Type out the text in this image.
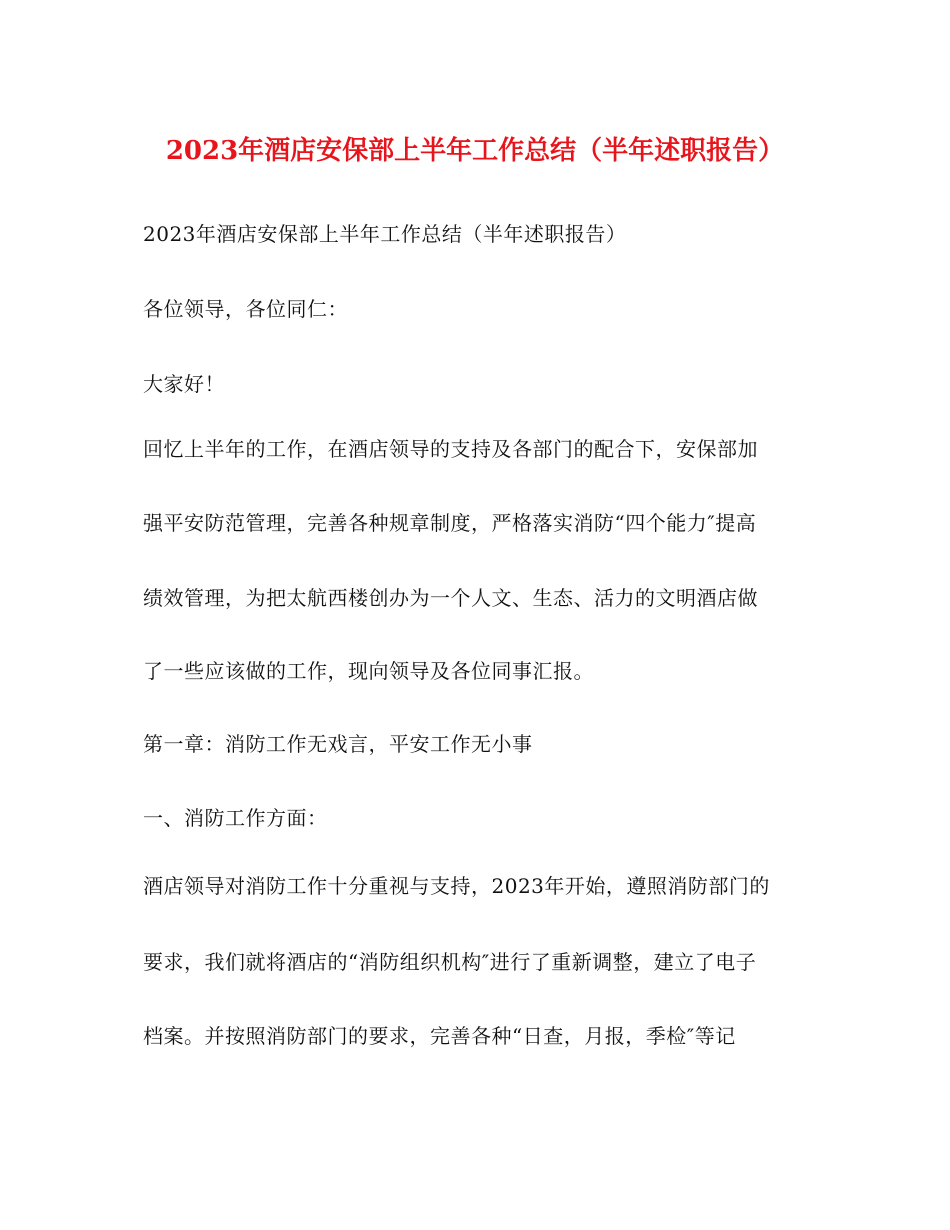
2023年酒店安保部上半年工作总结（半年述职报告）

2023年酒店安保部上半年工作总结（半年述职报告）

各位领导，各位同仁：

大家好！

回忆上半年的工作，在酒店领导的支持及各部门的配合下，安保部加

强平安防范管理，完善各种规章制度，严格落实消防“四个能力″提高

绩效管理，为把太航西楼创办为一个人文、生态、活力的文明酒店做

了一些应该做的工作，现向领导及各位同事汇报。

第一章：消防工作无戏言，平安工作无小事

一、消防工作方面：

酒店领导对消防工作十分重视与支持，2023年开始，遵照消防部门的

要求，我们就将酒店的“消防组织机构″进行了重新调整，建立了电子

档案。并按照消防部门的要求，完善各种“日查，月报，季检″等记
